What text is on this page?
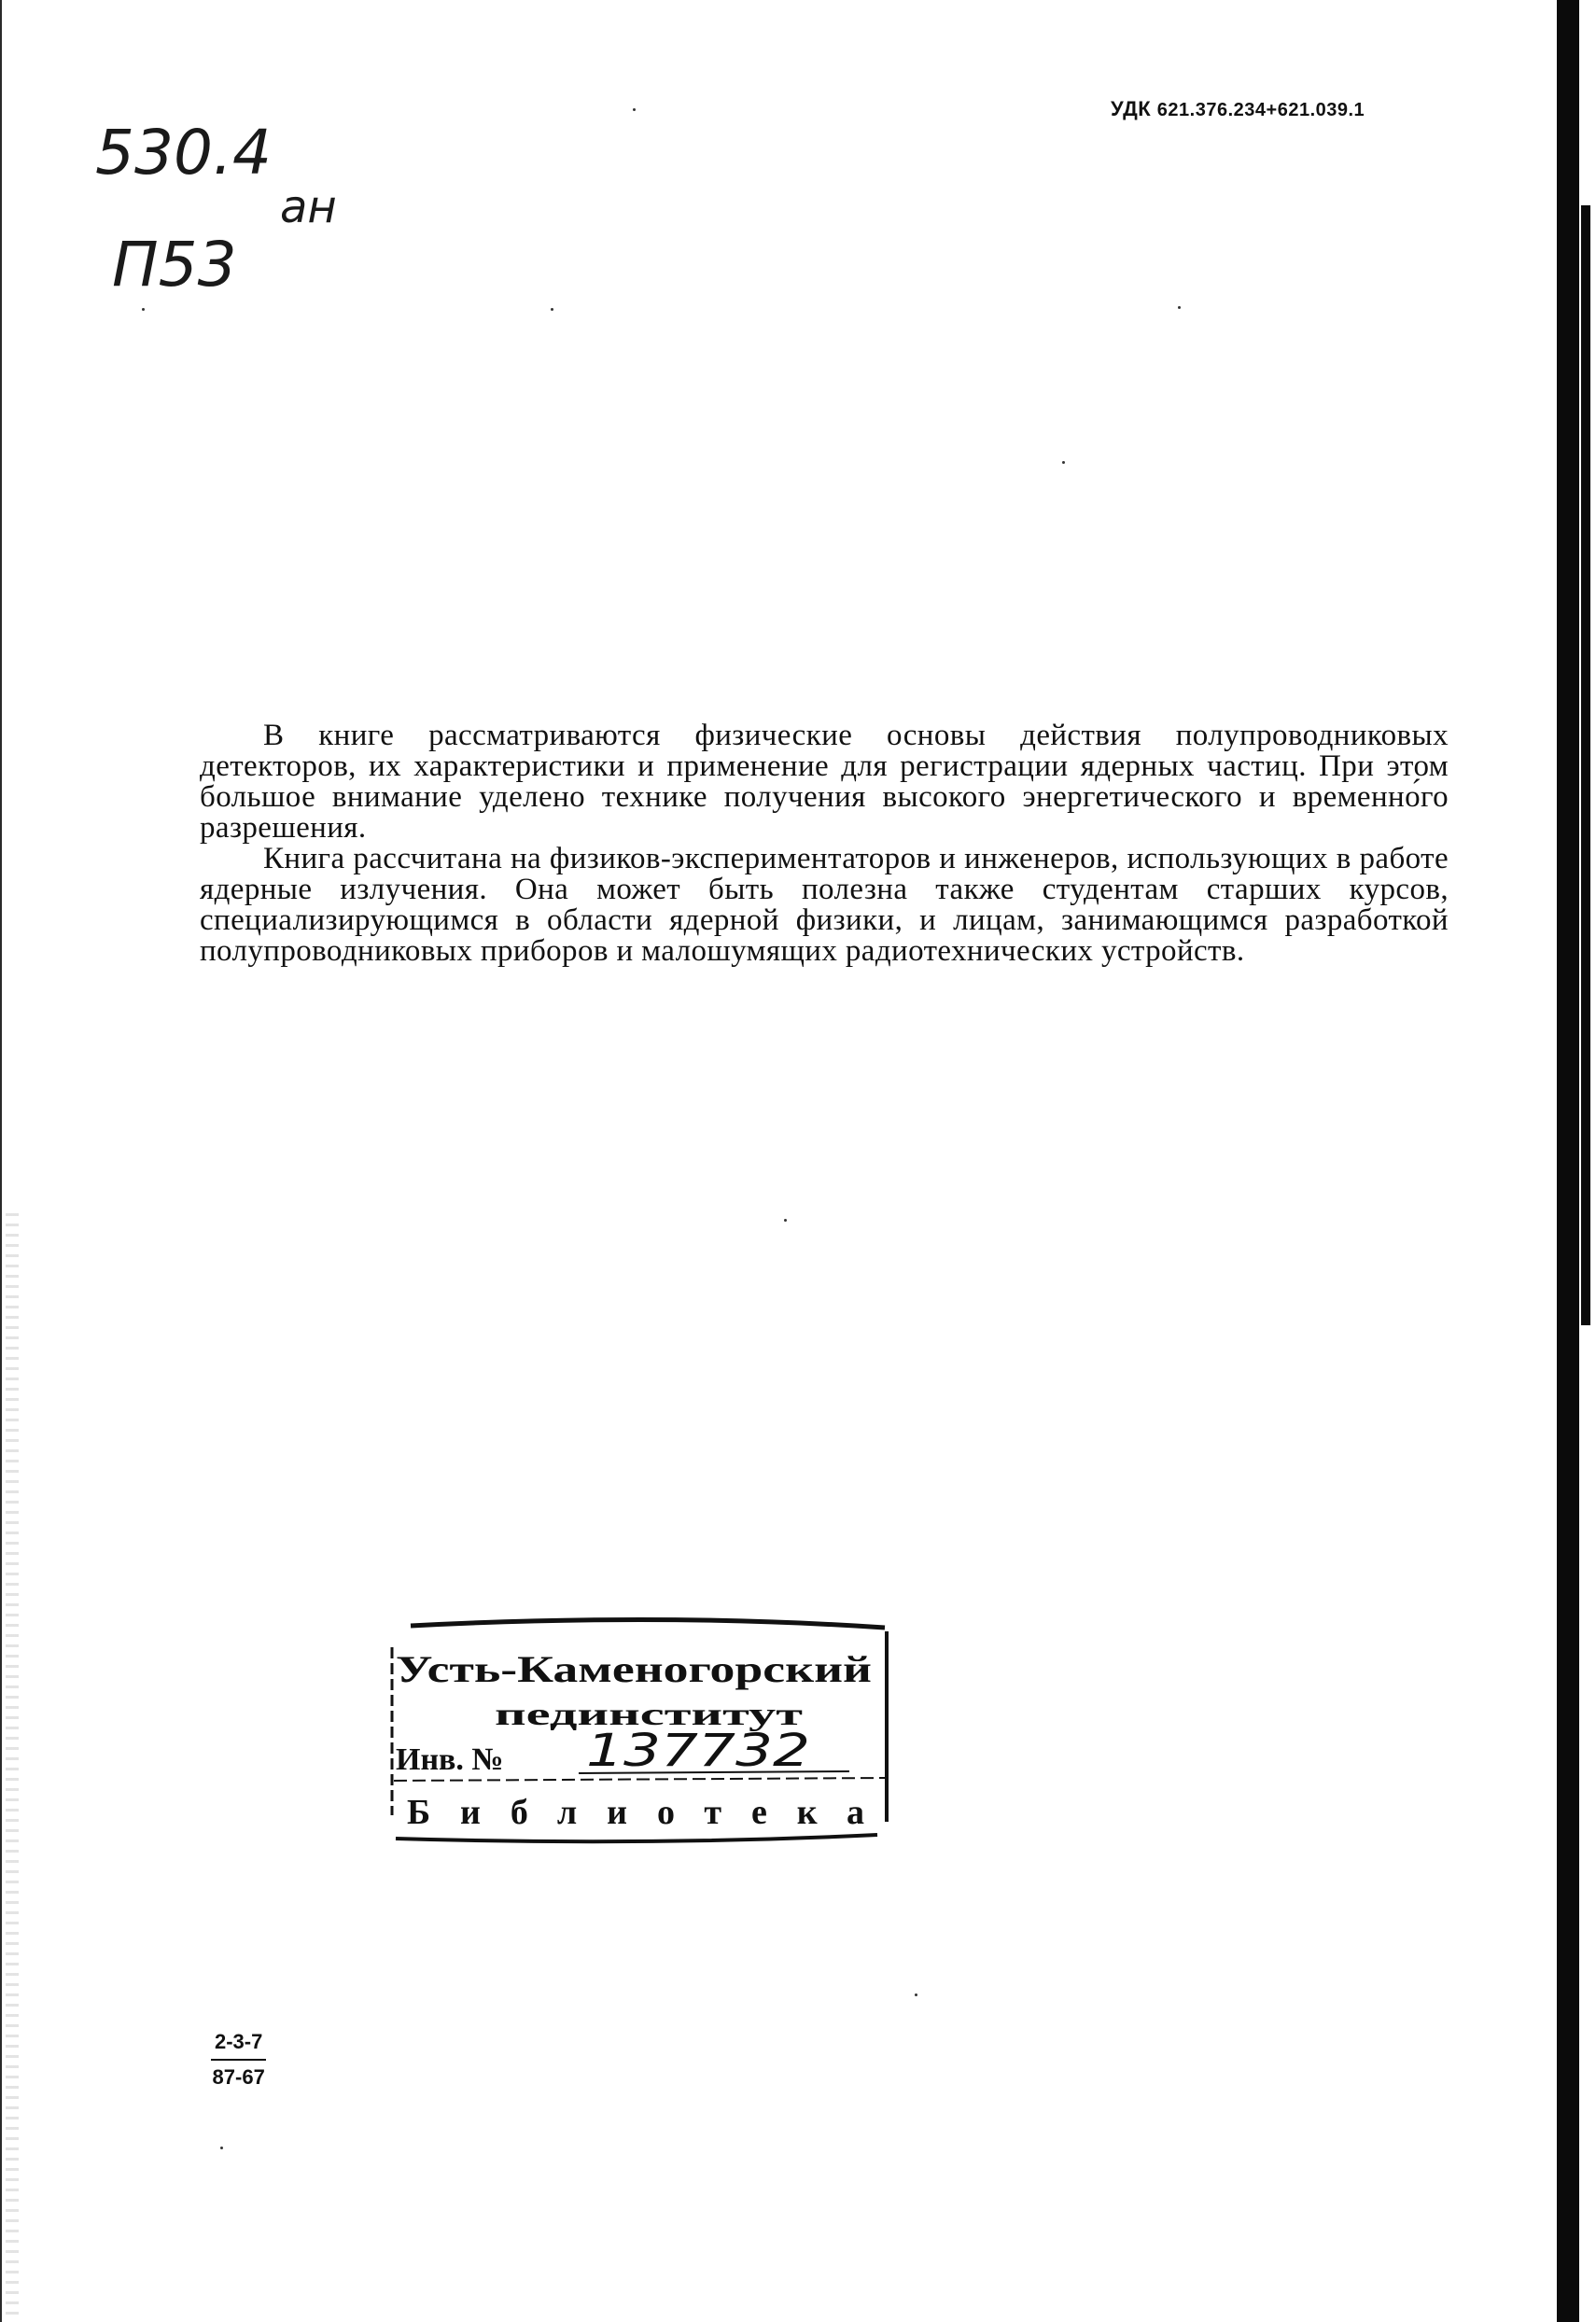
УДК 621.376.234+621.039.1
530.4
П53
ан

В книге рассматриваются физические основы действия полупроводниковых детекторов, их характеристики и применение для регистрации ядерных частиц. При этом большое внимание уделено технике получения высокого энергетического и временно́го разрешения.

Книга рассчитана на физиков-экспериментаторов и инженеров, использующих в работе ядерные излучения. Она может быть полезна также студентам старших курсов, специализирующимся в области ядерной физики, и лицам, занимающимся разработкой полупроводниковых приборов и малошумящих радиотехнических устройств.

Усть-Каменогорский
пединститут
Инв. № 137732
Библиотека
$\frac{2-3-7}{87-67}$
